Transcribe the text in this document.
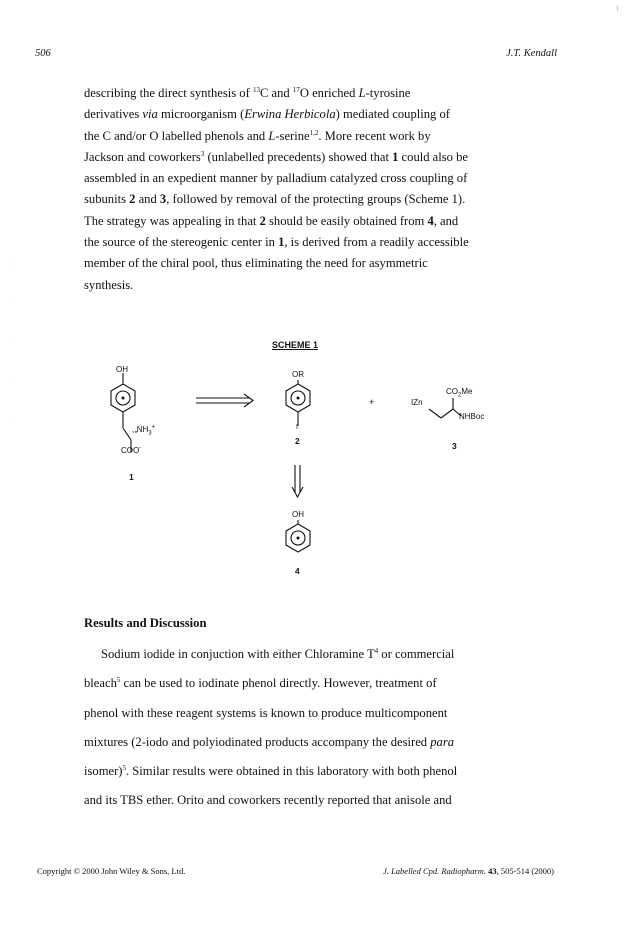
1
·
·
·
·
·
506	J.T. Kendall

describing the direct synthesis of $^{13}$C and $^{17}$O enriched L-tyrosine

derivatives via microorganism (Erwina Herbicola) mediated coupling of

the C and/or O labelled phenols and L-serine$^{1,2}$. More recent work by

Jackson and coworkers$^3$ (unlabelled precedents) showed that 1 could also be

assembled in an expedient manner by palladium catalyzed cross coupling of

subunits 2 and 3, followed by removal of the protecting groups (Scheme 1).

The strategy was appealing in that 2 should be easily obtained from 4, and

the source of the stereogenic center in 1, is derived from a readily accessible

member of the chiral pool, thus eliminating the need for asymmetric

synthesis.

SCHEME 1
OH
$,,,NH_3^+$
COO-
1
OR
I
2
+
$CO_2Me$
IZn
NHBoc
3
OH
4
Results and Discussion

Sodium iodide in conjuction with either Chloramine $T^4$ or commercial

bleach$^5$ can be used to iodinate phenol directly. However, treatment of

phenol with these reagent systems is known to produce multicomponent

mixtures (2-iodo and polyiodinated products accompany the desired para

isomer)$^5$. Similar results were obtained in this laboratory with both phenol

and its TBS ether. Orito and coworkers recently reported that anisole and

Copyright © 2000 John Wiley & Sons, Ltd.	J. Labelled Cpd. Radiopharm. 43, 505-514 (2000)
